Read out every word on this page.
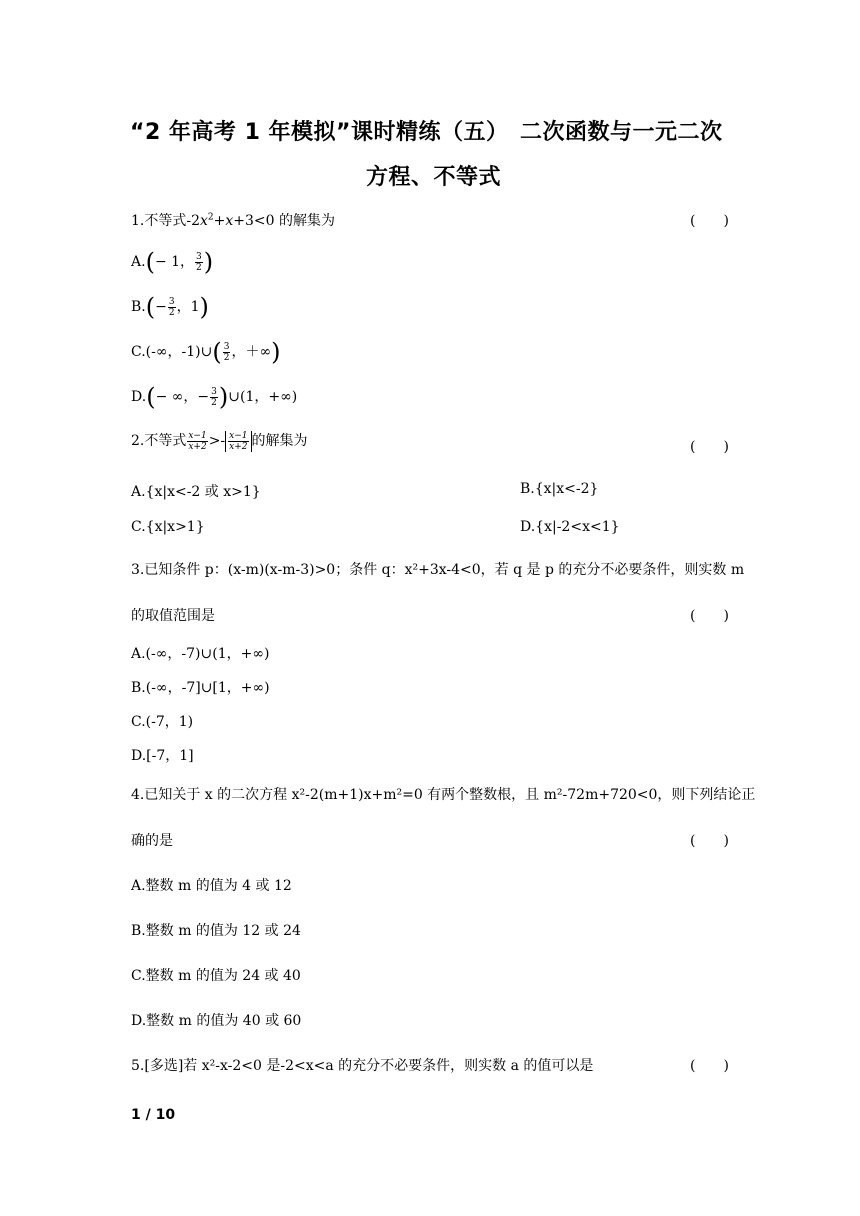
“2 年高考 1 年模拟”课时精练（五）　二次函数与一元二次
方程、不等式
1.不等式$-2x^2+x+3<0$ 的解集为	(　　)
A.(− 1， $\frac{3}{2}$ )
$B.(- \frac{3}{2}$ ，1)
C.(-∞，-1)∪( $\frac{3}{2}$ ，＋∞)
D.(− ∞，− $\frac{3}{2}$ )∪(1，+∞)
2.不等式 $\frac{x-1}{x+2} >- \frac{x-1}{x+2}$ 的解集为	(　　)
A.{x|x<-2 或 x>1}	B.{x|x<-2}
C.{x|x>1}	D.{x|-2<x<1}
3.已知条件 p：(x-m)(x-m-3)>0；条件 q：x²+3x-4<0，若 q 是 p 的充分不必要条件，则实数 m
的取值范围是	(　　)
A.(-∞，-7)∪(1，+∞)
B.(-∞，-7]∪[1，+∞)
C.(-7，1)
D.[-7，1]
4.已知关于 x 的二次方程 x²-2(m+1)x+m²=0 有两个整数根，且 m²-72m+720<0，则下列结论正
确的是	(　　)
A.整数 m 的值为 4 或 12
B.整数 m 的值为 12 或 24
C.整数 m 的值为 24 或 40
D.整数 m 的值为 40 或 60
5.[多选]若 x²-x-2<0 是-2<x<a 的充分不必要条件，则实数 a 的值可以是	(　　)
1 / 10
